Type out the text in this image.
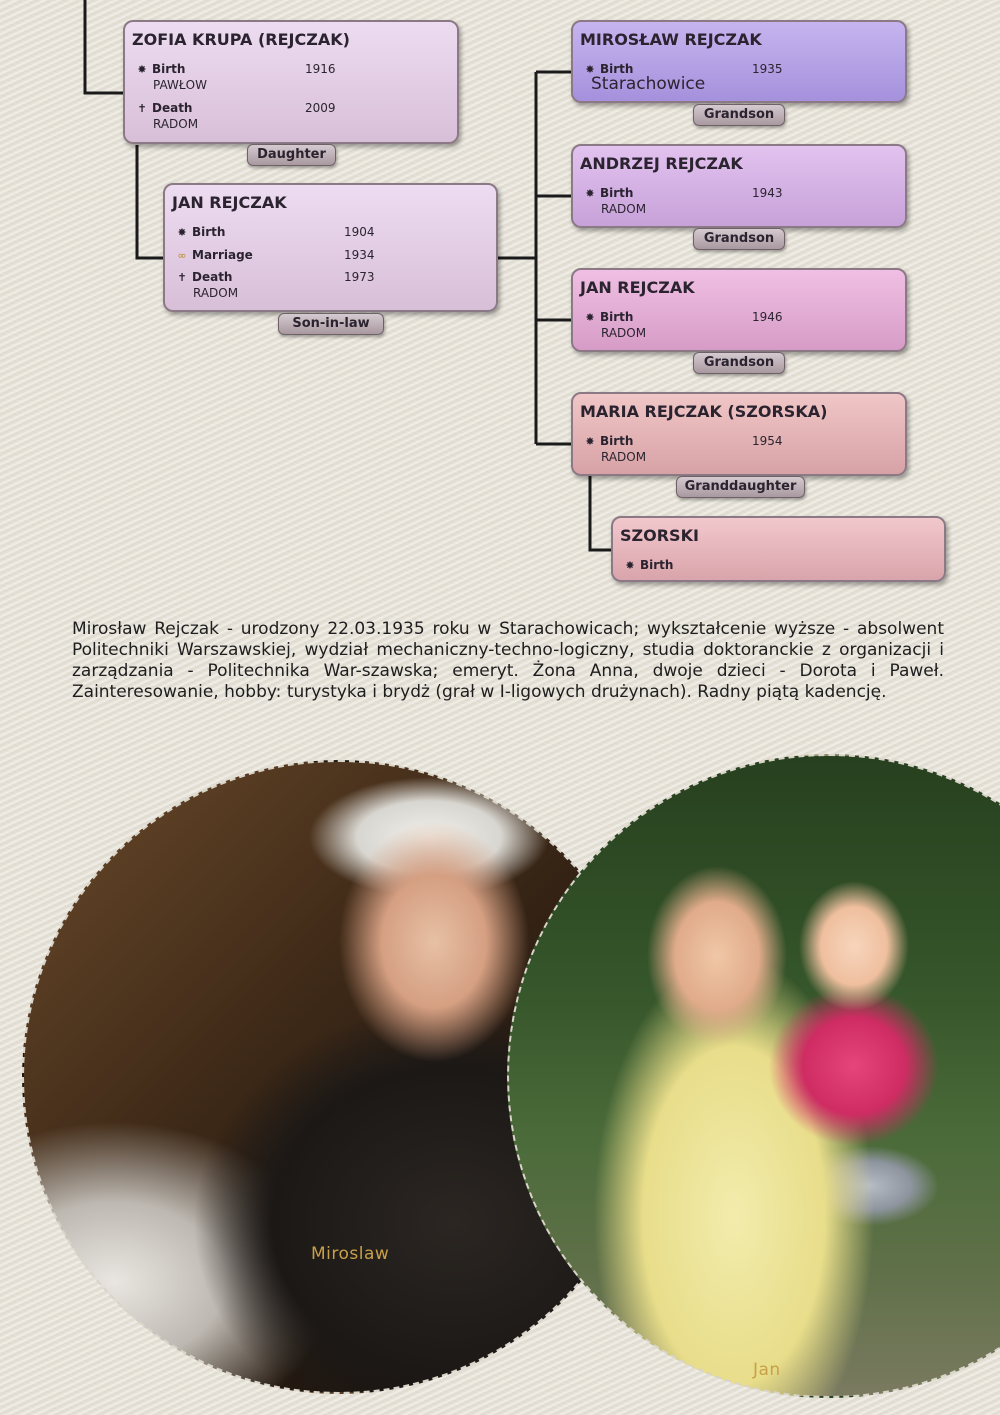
ZOFIA KRUPA (REJCZAK)
✸ Birth	1916
PAWŁOW
✝ Death	2009
RADOM
Daughter
JAN REJCZAK
✸ Birth	1904
∞ Marriage	1934
✝ Death	1973
RADOM
Son-in-law
MIROSŁAW REJCZAK
✸ Birth	1935
Starachowice
Grandson
ANDRZEJ REJCZAK
✸ Birth	1943
RADOM
Grandson
JAN REJCZAK
✸ Birth	1946
RADOM
Grandson
MARIA REJCZAK (SZORSKA)
✸ Birth	1954
RADOM
Granddaughter
SZORSKI
✸ Birth
Mirosław Rejczak - urodzony 22.03.1935 roku w Starachowicach; wykształcenie wyższe - absolwent Politechniki Warszawskiej, wydział mechaniczny-techno-logiczny, studia doktoranckie z organizacji i zarządzania - Politechnika War-szawska; emeryt. Żona Anna, dwoje dzieci - Dorota i Paweł. Zainteresowanie, hobby: turystyka i brydż (grał w I-ligowych drużynach). Radny piątą kadencję.
Miroslaw
Jan
